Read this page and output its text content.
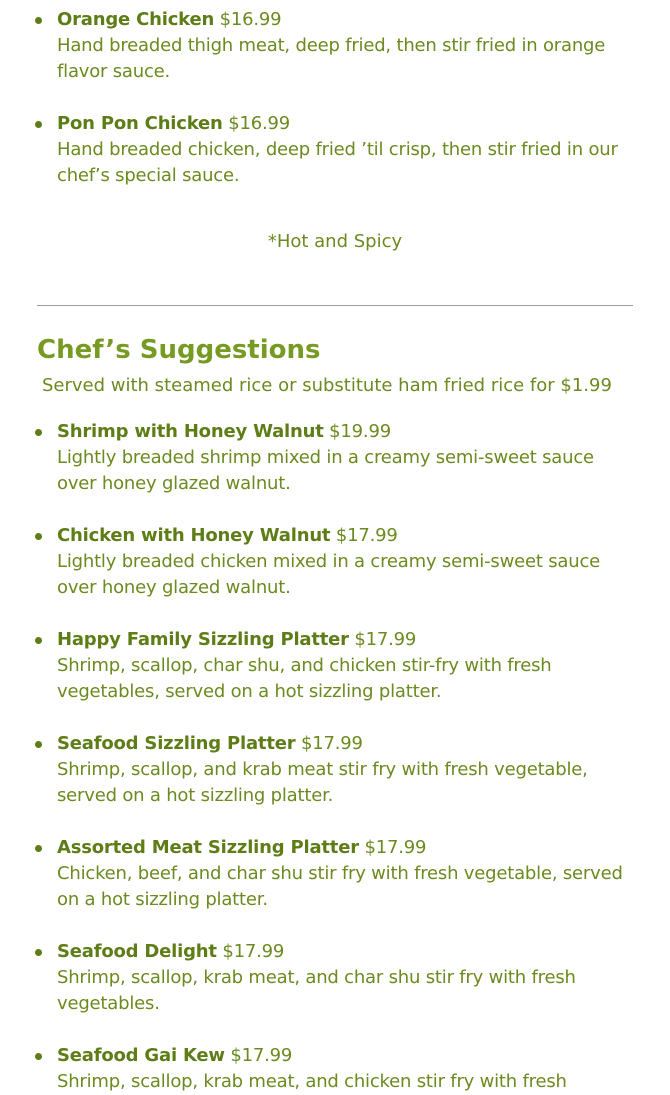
Orange Chicken $16.99
Hand breaded thigh meat, deep fried, then stir fried in orange flavor sauce.
Pon Pon Chicken $16.99
Hand breaded chicken, deep fried ’til crisp, then stir fried in our chef’s special sauce.
*Hot and Spicy
Chef’s Suggestions
Served with steamed rice or substitute ham fried rice for $1.99
Shrimp with Honey Walnut $19.99
Lightly breaded shrimp mixed in a creamy semi-sweet sauce over honey glazed walnut.
Chicken with Honey Walnut $17.99
Lightly breaded chicken mixed in a creamy semi-sweet sauce over honey glazed walnut.
Happy Family Sizzling Platter $17.99
Shrimp, scallop, char shu, and chicken stir-fry with fresh vegetables, served on a hot sizzling platter.
Seafood Sizzling Platter $17.99
Shrimp, scallop, and krab meat stir fry with fresh vegetable, served on a hot sizzling platter.
Assorted Meat Sizzling Platter $17.99
Chicken, beef, and char shu stir fry with fresh vegetable, served on a hot sizzling platter.
Seafood Delight $17.99
Shrimp, scallop, krab meat, and char shu stir fry with fresh vegetables.
Seafood Gai Kew $17.99
Shrimp, scallop, krab meat, and chicken stir fry with fresh
